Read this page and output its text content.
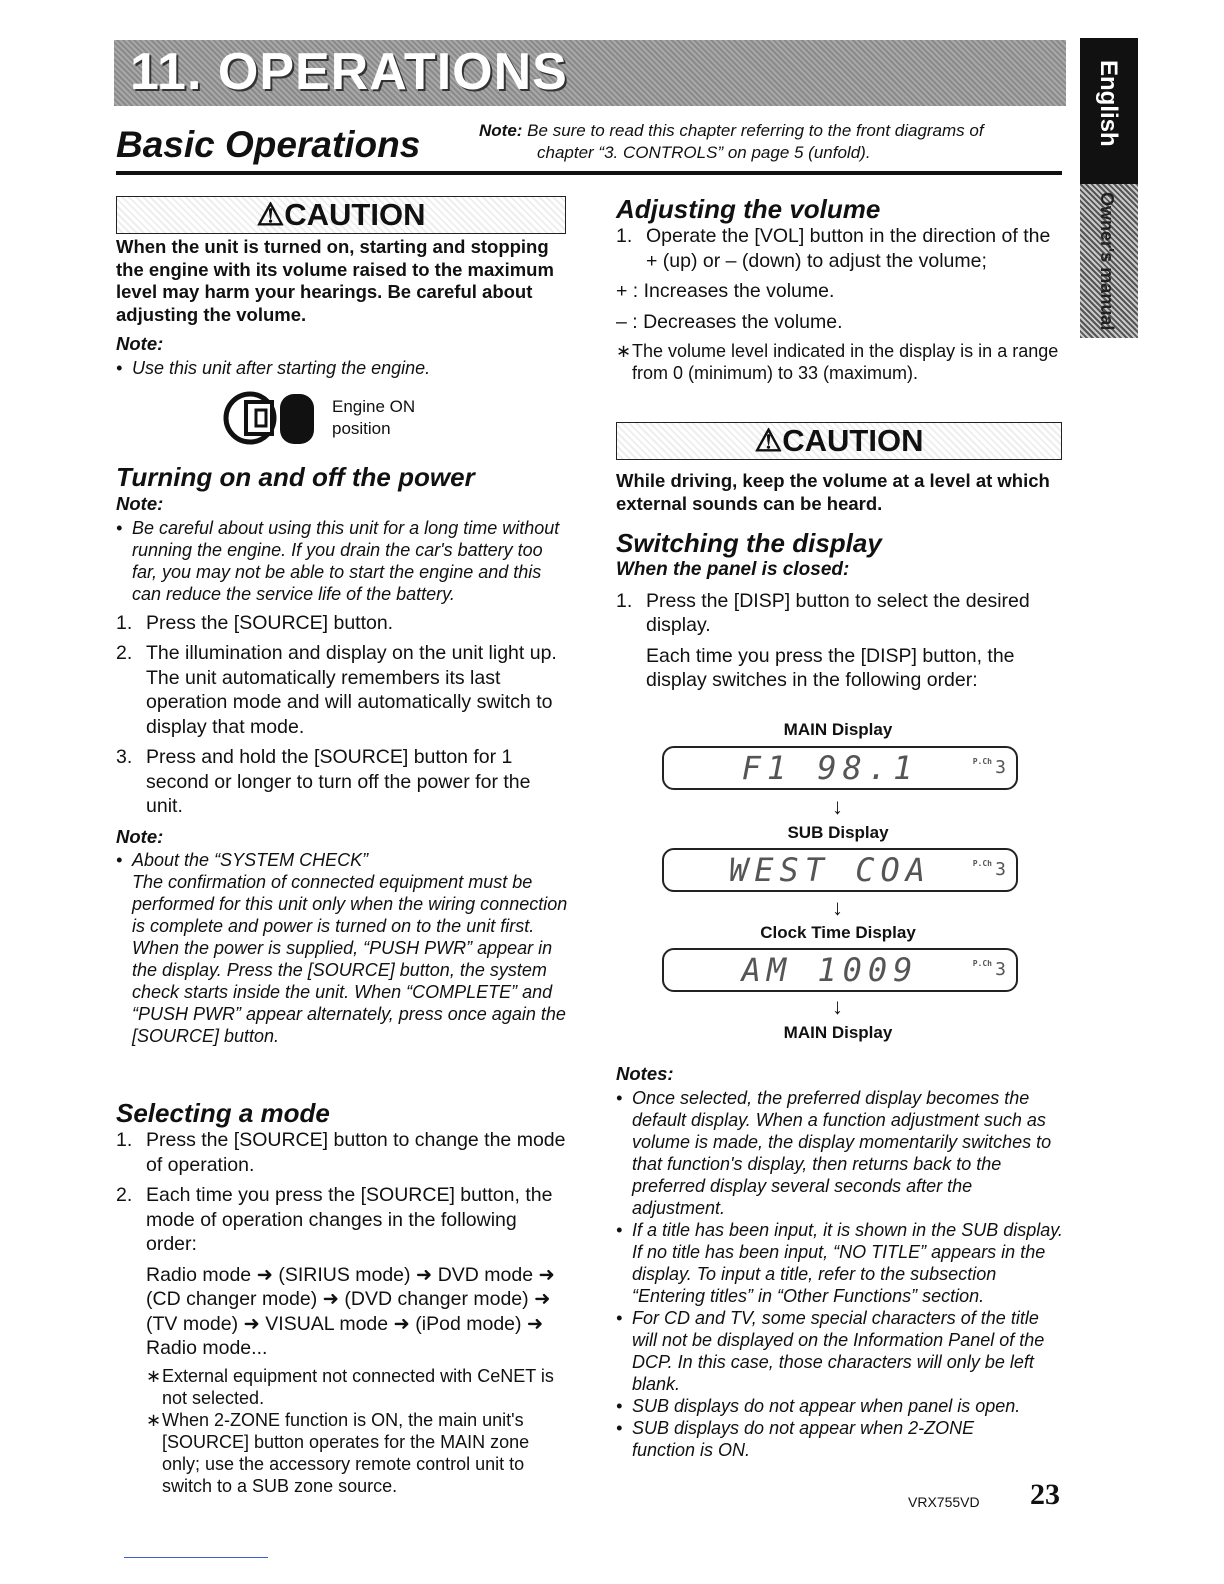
11. OPERATIONS	English
Owner's manual
Basic Operations	Note: Be sure to read this chapter referring to the front diagrams of
chapter “3. CONTROLS” on page 5 (unfold).
⚠CAUTION
When the unit is turned on, starting and stopping the engine with its volume raised to the maximum level may harm your hearings. Be careful about adjusting the volume.
Note:
• Use this unit after starting the engine.
Engine ON
position
Turning on and off the power
Note:
• Be careful about using this unit for a long time without running the engine. If you drain the car's battery too far, you may not be able to start the engine and this can reduce the service life of the battery.
1. Press the [SOURCE] button.
2. The illumination and display on the unit light up. The unit automatically remembers its last operation mode and will automatically switch to display that mode.
3. Press and hold the [SOURCE] button for 1 second or longer to turn off the power for the unit.
Note:
• About the “SYSTEM CHECK”
The confirmation of connected equipment must be performed for this unit only when the wiring connection is complete and power is turned on to the unit first. When the power is supplied, “PUSH PWR” appear in the display. Press the [SOURCE] button, the system check starts inside the unit. When “COMPLETE” and “PUSH PWR” appear alternately, press once again the [SOURCE] button.
Selecting a mode
1. Press the [SOURCE] button to change the mode of operation.
2. Each time you press the [SOURCE] button, the mode of operation changes in the following order:
Radio mode ➜ (SIRIUS mode) ➜ DVD mode ➜ (CD changer mode) ➜ (DVD changer mode) ➜ (TV mode) ➜ VISUAL mode ➜ (iPod mode) ➜ Radio mode...
∗ External equipment not connected with CeNET is not selected.
∗ When 2-ZONE function is ON, the main unit's [SOURCE] button operates for the MAIN zone only; use the accessory remote control unit to switch to a SUB zone source.
Adjusting the volume
1. Operate the [VOL] button in the direction of the + (up) or – (down) to adjust the volume;
+ : Increases the volume.
– : Decreases the volume.
∗ The volume level indicated in the display is in a range from 0 (minimum) to 33 (maximum).
⚠CAUTION
While driving, keep the volume at a level at which external sounds can be heard.
Switching the display
When the panel is closed:
1. Press the [DISP] button to select the desired display.
Each time you press the [DISP] button, the display switches in the following order:
MAIN Display
F1 98.1	P.Ch 3
↓
SUB Display
WEST COA	P.Ch 3
↓
Clock Time Display
AM 1009	P.Ch 3
↓
MAIN Display
Notes:
• Once selected, the preferred display becomes the default display. When a function adjustment such as volume is made, the display momentarily switches to that function's display, then returns back to the preferred display several seconds after the adjustment.
• If a title has been input, it is shown in the SUB display. If no title has been input, “NO TITLE” appears in the display. To input a title, refer to the subsection “Entering titles” in “Other Functions” section.
• For CD and TV, some special characters of the title will not be displayed on the Information Panel of the DCP. In this case, those characters will only be left blank.
• SUB displays do not appear when panel is open.
• SUB displays do not appear when 2-ZONE function is ON.
VRX755VD 23
